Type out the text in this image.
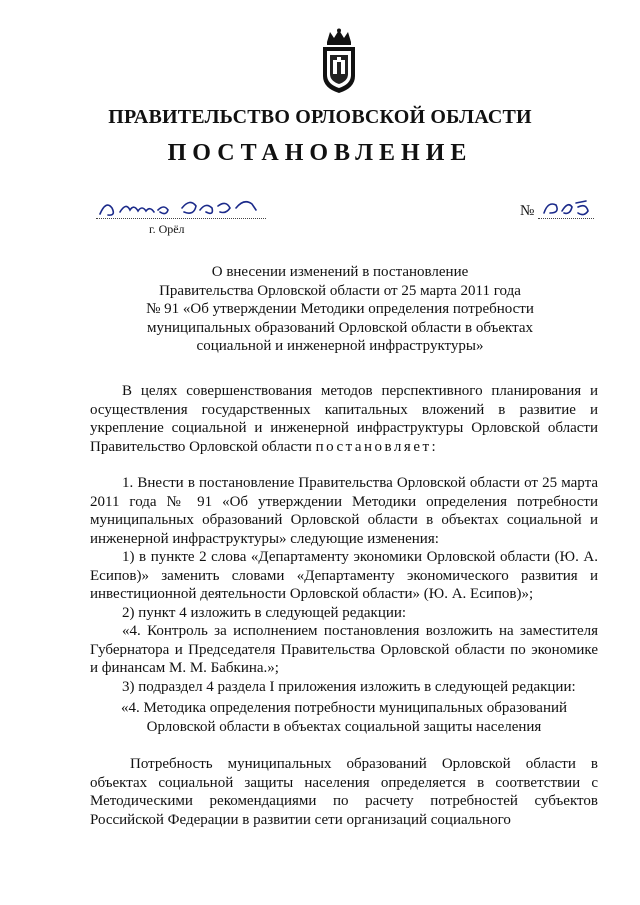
ПРАВИТЕЛЬСТВО ОРЛОВСКОЙ ОБЛАСТИ
ПОСТАНОВЛЕНИЕ
г. Орёл
№
О внесении изменений в постановление
Правительства Орловской области от 25 марта 2011 года
№ 91 «Об утверждении Методики определения потребности
муниципальных образований Орловской области в объектах
социальной и инженерной инфраструктуры»

В целях совершенствования методов перспективного планирования и осуществления государственных капитальных вложений в развитие и укрепление социальной и инженерной инфраструктуры Орловской области Правительство Орловской области постановляет:

1. Внести в постановление Правительства Орловской области от 25 марта 2011 года № 91 «Об утверждении Методики определения потребности муниципальных образований Орловской области в объектах социальной и инженерной инфраструктуры» следующие изменения:

1) в пункте 2 слова «Департаменту экономики Орловской области (Ю. А. Есипов)» заменить словами «Департаменту экономического развития и инвестиционной деятельности Орловской области» (Ю. А. Есипов)»;

2) пункт 4 изложить в следующей редакции:

«4. Контроль за исполнением постановления возложить на заместителя Губернатора и Председателя Правительства Орловской области по экономике и финансам М. М. Бабкина.»;

3) подраздел 4 раздела I приложения изложить в следующей редакции:

«4. Методика определения потребности муниципальных образований
Орловской области в объектах социальной защиты населения

Потребность муниципальных образований Орловской области в объектах социальной защиты населения определяется в соответствии с Методическими рекомендациями по расчету потребностей субъектов Российской Федерации в развитии сети организаций социального
